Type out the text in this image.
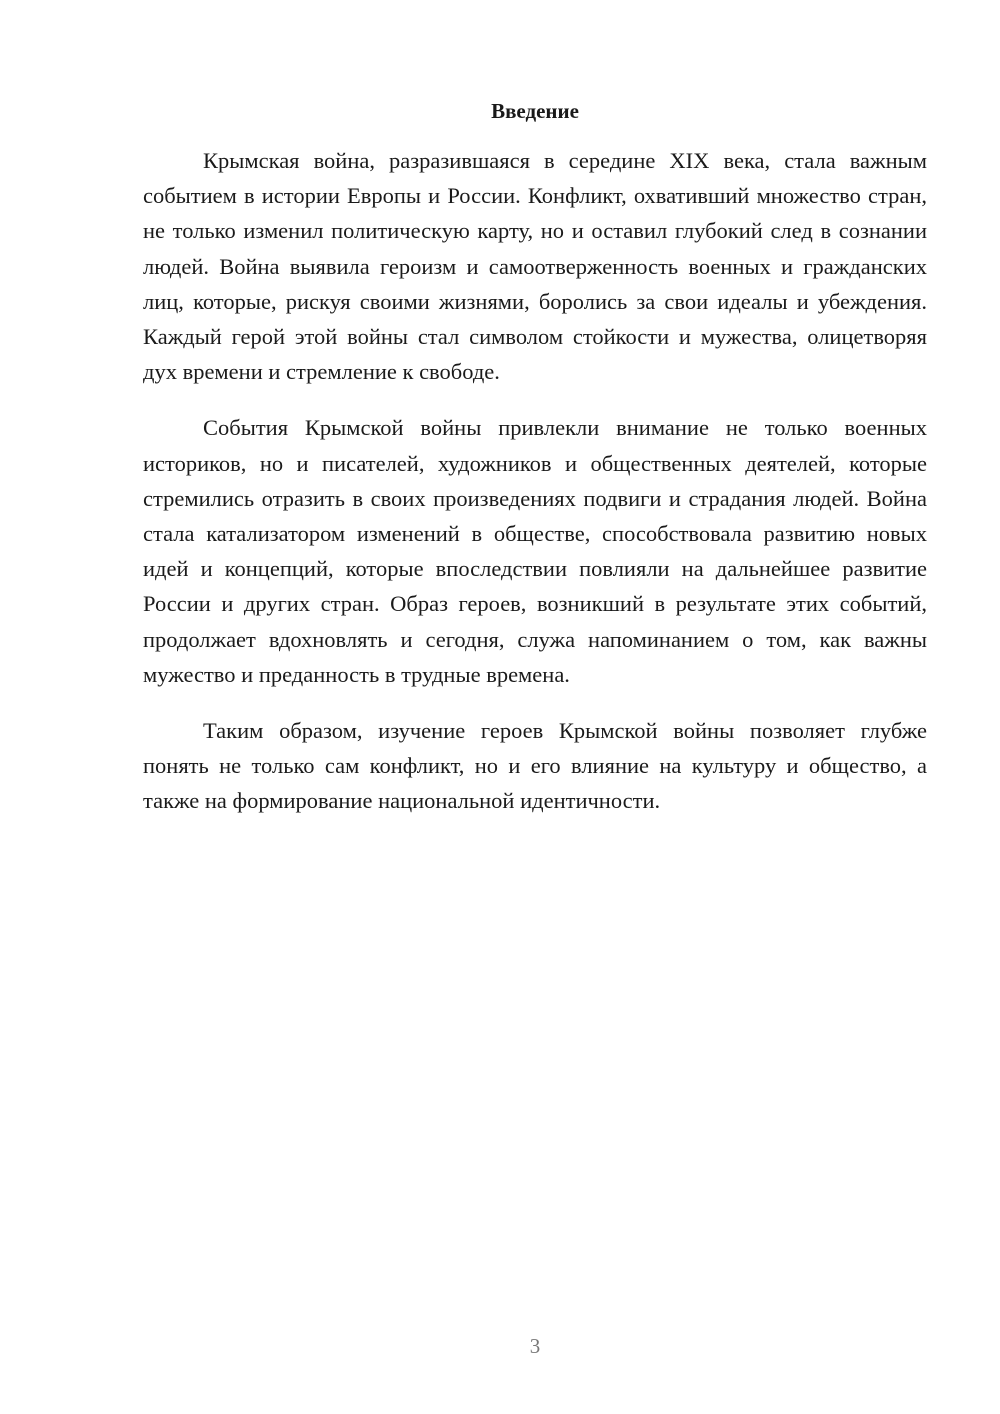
Введение

Крымская война, разразившаяся в середине XIX века, стала важным событием в истории Европы и России. Конфликт, охвативший множество стран, не только изменил политическую карту, но и оставил глубокий след в сознании людей. Война выявила героизм и самоотверженность военных и гражданских лиц, которые, рискуя своими жизнями, боролись за свои идеалы и убеждения. Каждый герой этой войны стал символом стойкости и мужества, олицетворяя дух времени и стремление к свободе.

События Крымской войны привлекли внимание не только военных историков, но и писателей, художников и общественных деятелей, которые стремились отразить в своих произведениях подвиги и страдания людей. Война стала катализатором изменений в обществе, способствовала развитию новых идей и концепций, которые впоследствии повлияли на дальнейшее развитие России и других стран. Образ героев, возникший в результате этих событий, продолжает вдохновлять и сегодня, служа напоминанием о том, как важны мужество и преданность в трудные времена.

Таким образом, изучение героев Крымской войны позволяет глубже понять не только сам конфликт, но и его влияние на культуру и общество, а также на формирование национальной идентичности.

3
